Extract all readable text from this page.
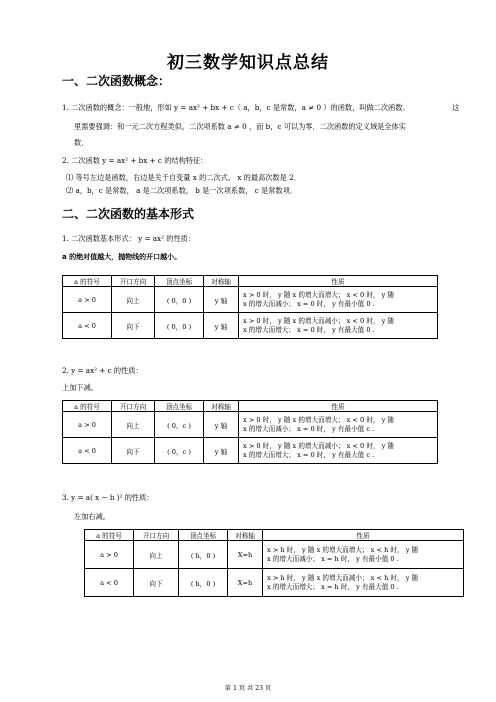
初三数学知识点总结
一、二次函数概念：
1. 二次函数的概念：一般地，形如 y = ax² + bx + c（ a，b，c 是常数，a ≠ 0 ）的函数，叫做二次函数。	这
里需要强调：和一元二次方程类似，二次项系数 a ≠ 0 ，而 b，c 可以为零．二次函数的定义域是全体实
数．
2. 二次函数 y = ax² + bx + c 的结构特征：
⑴ 等号左边是函数，右边是关于自变量 x 的二次式， x 的最高次数是 2．
⑵ a，b，c 是常数， a 是二次项系数， b 是一次项系数， c 是常数项．
二、二次函数的基本形式
1. 二次函数基本形式： y = ax² 的性质：
a 的绝对值越大，抛物线的开口越小。
a 的符号	开口方向	顶点坐标	对称轴	性质
a > 0	向上	( 0，0 )	y 轴	x > 0 时， y 随 x 的增大而增大； x < 0 时， y 随
x 的增大而减小； x = 0 时， y 有最小值 0 .

a < 0	向下	( 0，0 )	y 轴	x > 0 时， y 随 x 的增大而减小； x < 0 时， y 随
x 的增大而增大； x = 0 时， y 有最大值 0 .
2. y = ax² + c 的性质：
上加下减。
a 的符号	开口方向	顶点坐标	对称轴	性质
a > 0	向上	( 0，c )	y 轴	x > 0 时， y 随 x 的增大而增大； x < 0 时， y 随
x 的增大而减小； x = 0 时， y 有最小值 c .

a < 0	向下	( 0，c )	y 轴	x > 0 时， y 随 x 的增大而减小； x < 0 时， y 随
x 的增大而增大； x = 0 时， y 有最大值 c .
3. y = a( x − h )² 的性质：
左加右减。
a 的符号	开口方向	顶点坐标	对称轴	性质
a > 0	向上	( h，0 )	X=h	x > h 时， y 随 x 的增大而增大； x < h 时， y 随
x 的增大而减小； x = h 时， y 有最小值 0 .

a < 0	向下	( h，0 )	X=h	x > h 时， y 随 x 的增大而减小； x < h 时， y 随
x 的增大而增大； x = h 时， y 有最大值 0 .
第 1 页 共 23 页
